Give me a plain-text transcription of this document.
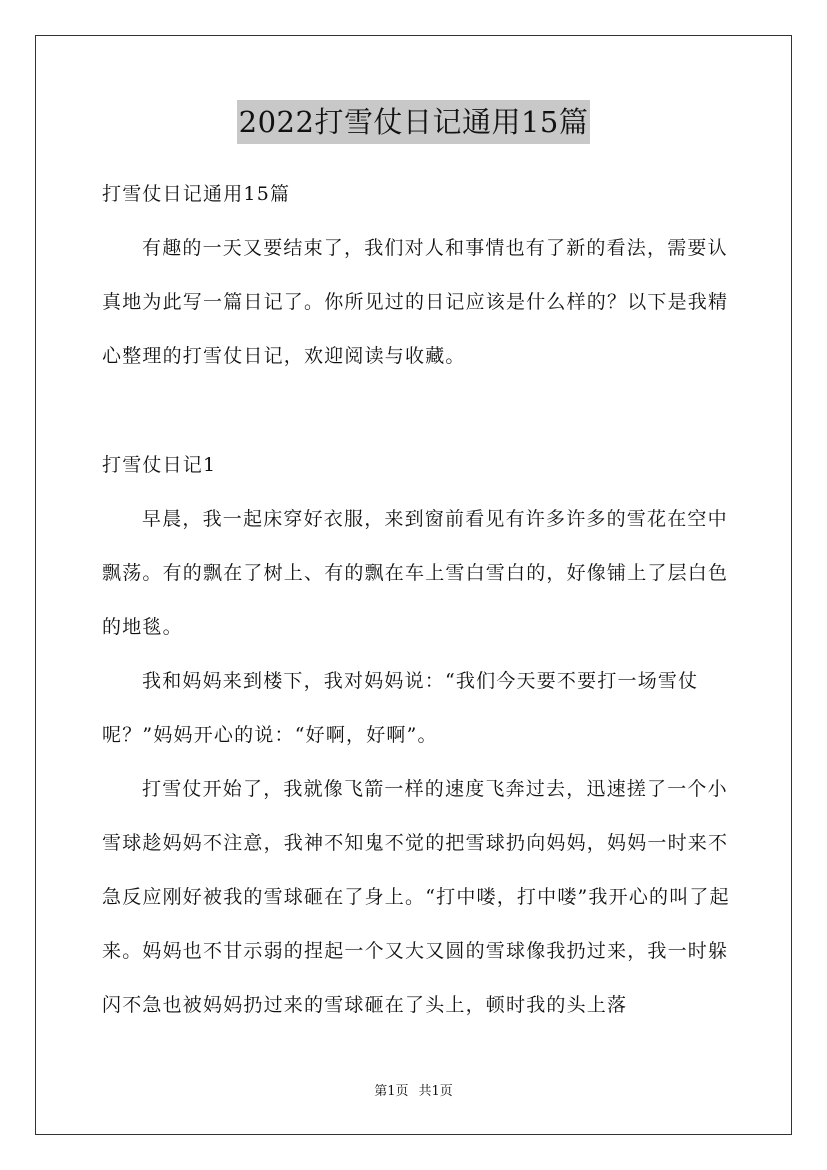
2022打雪仗日记通用15篇
打雪仗日记通用15篇
有趣的一天又要结束了，我们对人和事情也有了新的看法，需要认真地为此写一篇日记了。你所见过的日记应该是什么样的？以下是我精心整理的打雪仗日记，欢迎阅读与收藏。
打雪仗日记1
早晨，我一起床穿好衣服，来到窗前看见有许多许多的雪花在空中飘荡。有的飘在了树上、有的飘在车上雪白雪白的，好像铺上了层白色的地毯。
我和妈妈来到楼下，我对妈妈说：“我们今天要不要打一场雪仗呢？”妈妈开心的说：“好啊，好啊”。
打雪仗开始了，我就像飞箭一样的速度飞奔过去，迅速搓了一个小雪球趁妈妈不注意，我神不知鬼不觉的把雪球扔向妈妈，妈妈一时来不急反应刚好被我的雪球砸在了身上。“打中喽，打中喽”我开心的叫了起来。妈妈也不甘示弱的捏起一个又大又圆的雪球像我扔过来，我一时躲闪不急也被妈妈扔过来的雪球砸在了头上，顿时我的头上落
第1页 共1页
